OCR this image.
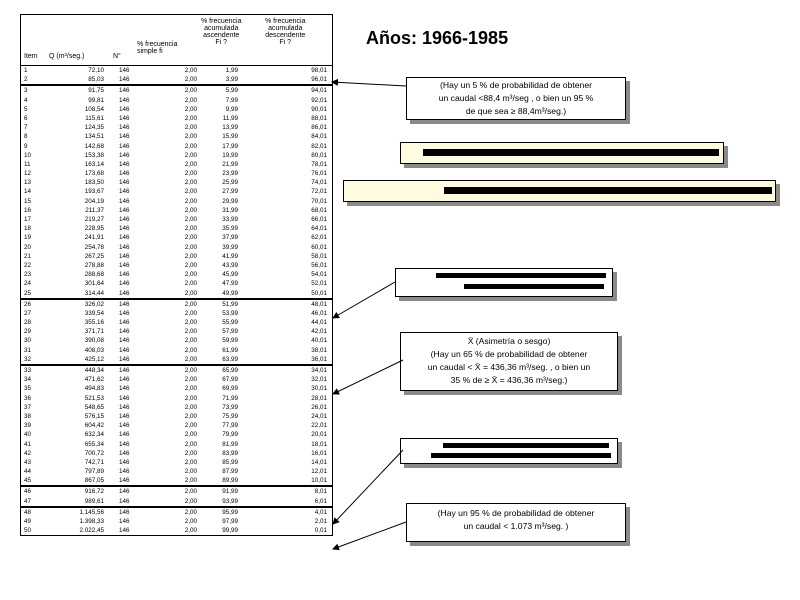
Años: 1966-1985
Item Q (m³/seg.)	N°
% frecuencia
simple fi
% frecuencia
acumulada
ascendente
Fi ?
% frecuencia
acumulada
descendente
Fi ?
1	72,10 146	2,00	1,99	98,01
2	85,03 146	2,00	3,99	96,01
3	91,75 146	2,00	5,99	94,01
4	99,81 146	2,00	7,99	92,01
5	108,54 146	2,00	9,99	90,01
6	115,61 146	2,00	11,99	88,01
7	124,35 146	2,00	13,99	86,01
8	134,51 146	2,00	15,99	84,01
9	142,68 146	2,00	17,99	82,01
10	153,38 146	2,00	19,99	80,01
11	163,14 146	2,00	21,99	78,01
12	173,68 146	2,00	23,99	76,01
13	183,50 146	2,00	25,99	74,01
14	193,67 146	2,00	27,99	72,01
15	204,19 146	2,00	29,99	70,01
16	211,37 146	2,00	31,99	68,01
17	219,27 146	2,00	33,99	66,01
18	228,95 146	2,00	35,99	64,01
19	241,91 146	2,00	37,99	62,01
20	254,78 146	2,00	39,99	60,01
21	267,25 146	2,00	41,99	58,01
22	278,88 146	2,00	43,99	56,01
23	288,68 146	2,00	45,99	54,01
24	301,64 146	2,00	47,99	52,01
25	314,44 146	2,00	49,99	50,01
26	326,02 146	2,00	51,99	48,01
27	339,54 146	2,00	53,99	46,01
28	355,16 146	2,00	55,99	44,01
29	371,71 146	2,00	57,99	42,01
30	390,08 146	2,00	59,99	40,01
31	408,03 146	2,00	61,99	38,01
32	425,12 146	2,00	63,99	36,01
33	448,34 146	2,00	65,99	34,01
34	471,62 146	2,00	67,99	32,01
35	494,83 146	2,00	69,99	30,01
36	521,53 146	2,00	71,99	28,01
37	548,65 146	2,00	73,99	26,01
38	576,15 146	2,00	75,99	24,01
39	604,42 146	2,00	77,99	22,01
40	632,34 146	2,00	79,99	20,01
41	655,34 146	2,00	81,99	18,01
42	700,72 146	2,00	83,99	16,01
43	742,71 146	2,00	85,99	14,01
44	797,89 146	2,00	87,99	12,01
45	867,05 146	2,00	89,99	10,01
46	916,72 146	2,00	91,99	8,01
47	989,61 146	2,00	93,99	6,01
48	1.145,56 146	2,00	95,99	4,01
49	1.398,33 146	2,00	97,99	2,01
50	2.022,45 146	2,00	99,99	0,01
(Hay un 5 % de probabilidad de obtener
un caudal <88,4 m³/seg , o bien un 95 %
de que sea ≥ 88,4m³/seg.)
X̄ (Asimetría o sesgo)
(Hay un 65 % de probabilidad de obtener
un caudal < X̄ = 436,36 m³/seg. , o bien un
35 % de ≥ X̄ = 436,36 m³/seg.)
(Hay un 95 % de probabilidad de obtener
un caudal < 1.073 m³/seg. )
